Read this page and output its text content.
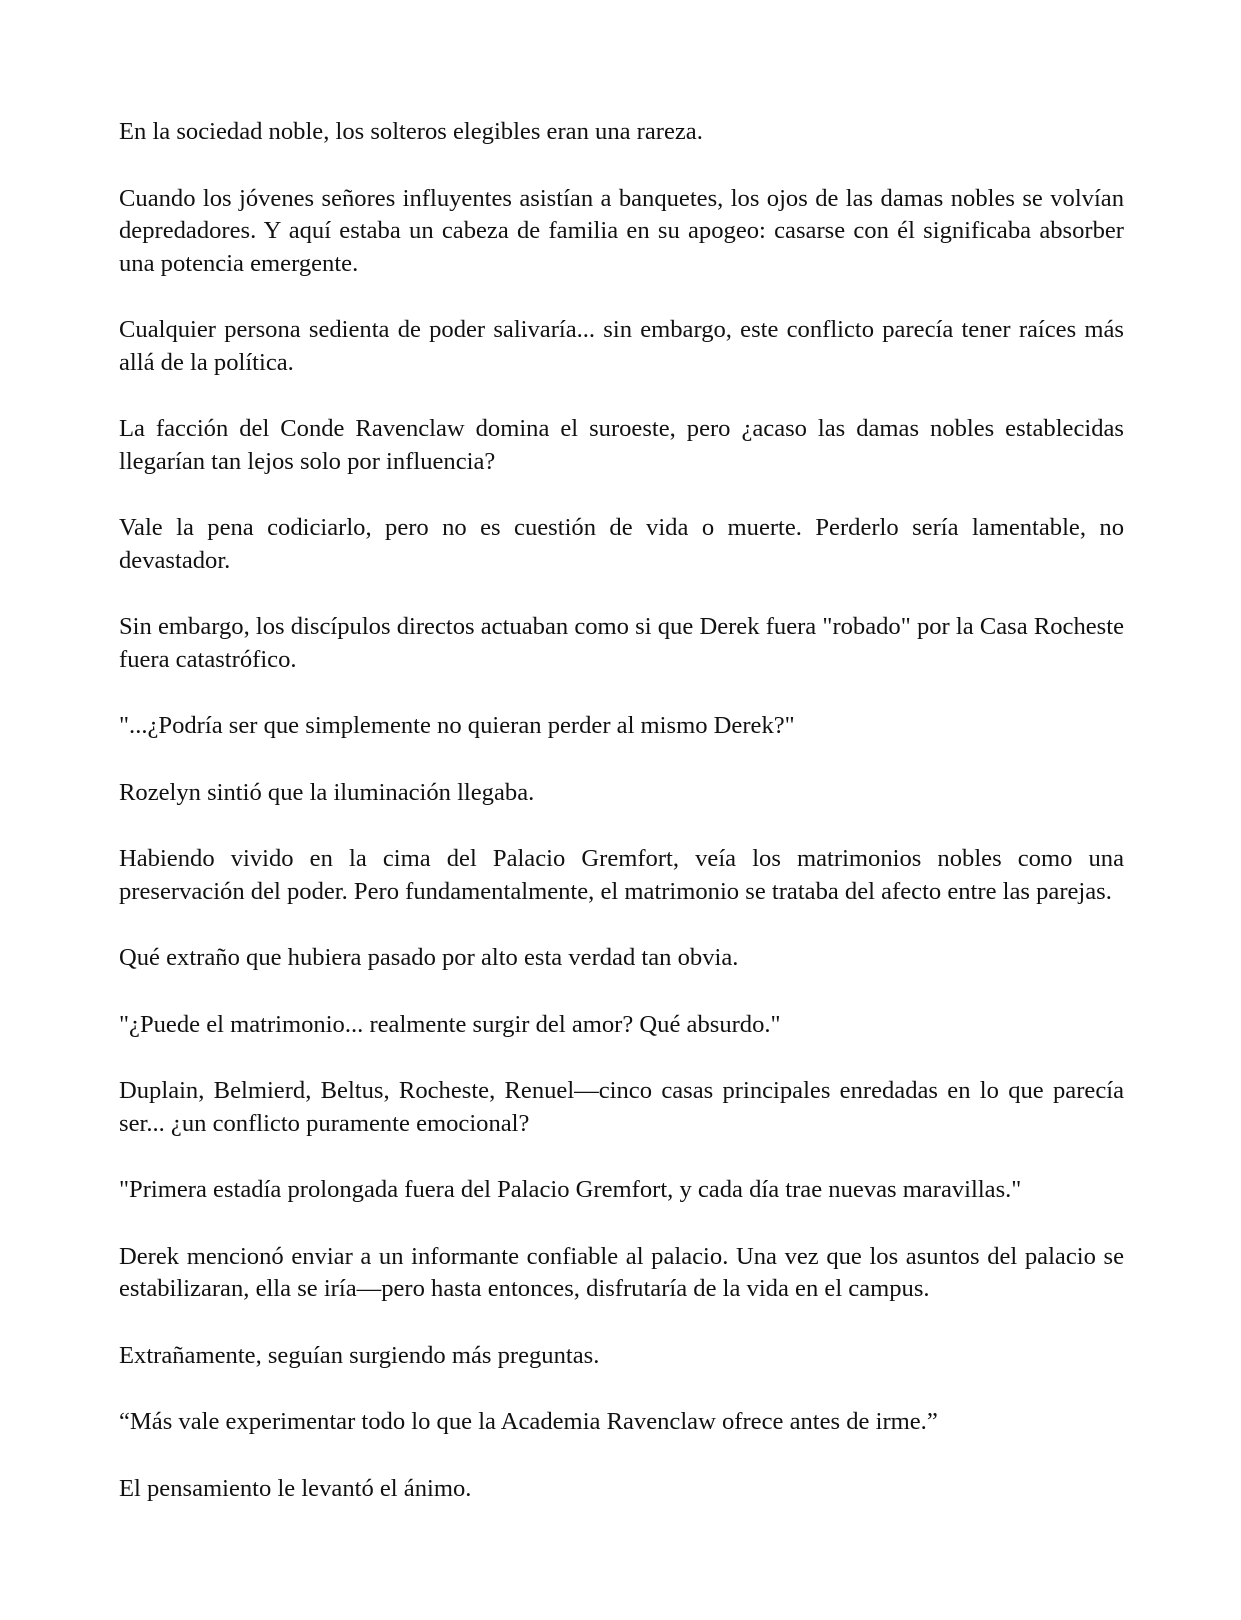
En la sociedad noble, los solteros elegibles eran una rareza.

Cuando los jóvenes señores influyentes asistían a banquetes, los ojos de las damas nobles se volvían depredadores. Y aquí estaba un cabeza de familia en su apogeo: casarse con él significaba absorber una potencia emergente.

Cualquier persona sedienta de poder salivaría... sin embargo, este conflicto parecía tener raíces más allá de la política.

La facción del Conde Ravenclaw domina el suroeste, pero ¿acaso las damas nobles establecidas llegarían tan lejos solo por influencia?

Vale la pena codiciarlo, pero no es cuestión de vida o muerte. Perderlo sería lamentable, no devastador.

Sin embargo, los discípulos directos actuaban como si que Derek fuera "robado" por la Casa Rocheste fuera catastrófico.

"...¿Podría ser que simplemente no quieran perder al mismo Derek?"

Rozelyn sintió que la iluminación llegaba.

Habiendo vivido en la cima del Palacio Gremfort, veía los matrimonios nobles como una preservación del poder. Pero fundamentalmente, el matrimonio se trataba del afecto entre las parejas.

Qué extraño que hubiera pasado por alto esta verdad tan obvia.

"¿Puede el matrimonio... realmente surgir del amor? Qué absurdo."

Duplain, Belmierd, Beltus, Rocheste, Renuel—cinco casas principales enredadas en lo que parecía ser... ¿un conflicto puramente emocional?

"Primera estadía prolongada fuera del Palacio Gremfort, y cada día trae nuevas maravillas."

Derek mencionó enviar a un informante confiable al palacio. Una vez que los asuntos del palacio se estabilizaran, ella se iría—pero hasta entonces, disfrutaría de la vida en el campus.

Extrañamente, seguían surgiendo más preguntas.

“Más vale experimentar todo lo que la Academia Ravenclaw ofrece antes de irme.”

El pensamiento le levantó el ánimo.
